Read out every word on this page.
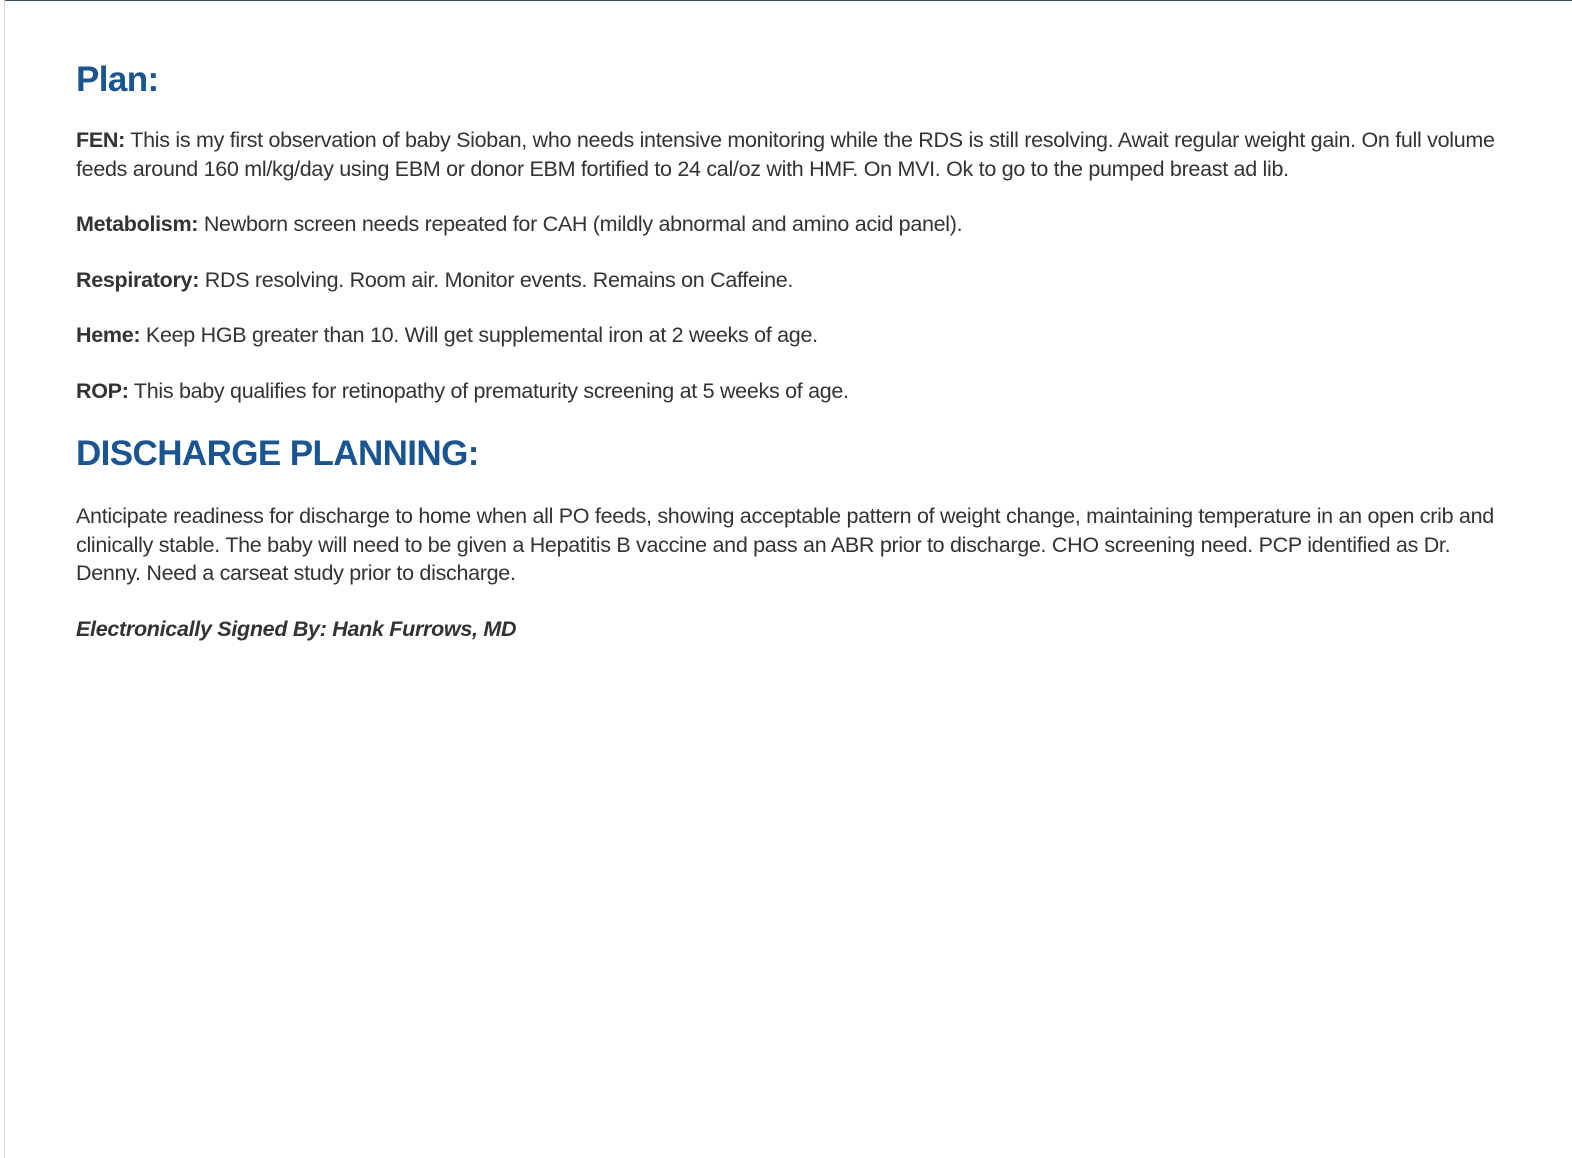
Plan:

FEN: This is my first observation of baby Sioban, who needs intensive monitoring while the RDS is still resolving. Await regular weight gain. On full volume feeds around 160 ml/kg/day using EBM or donor EBM fortified to 24 cal/oz with HMF. On MVI. Ok to go to the pumped breast ad lib.

Metabolism: Newborn screen needs repeated for CAH (mildly abnormal and amino acid panel).

Respiratory: RDS resolving. Room air. Monitor events. Remains on Caffeine.

Heme: Keep HGB greater than 10. Will get supplemental iron at 2 weeks of age.

ROP: This baby qualifies for retinopathy of prematurity screening at 5 weeks of age.

DISCHARGE PLANNING:

Anticipate readiness for discharge to home when all PO feeds, showing acceptable pattern of weight change, maintaining temperature in an open crib and clinically stable. The baby will need to be given a Hepatitis B vaccine and pass an ABR prior to discharge. CHO screening need. PCP identified as Dr. Denny. Need a carseat study prior to discharge.

Electronically Signed By: Hank Furrows, MD
